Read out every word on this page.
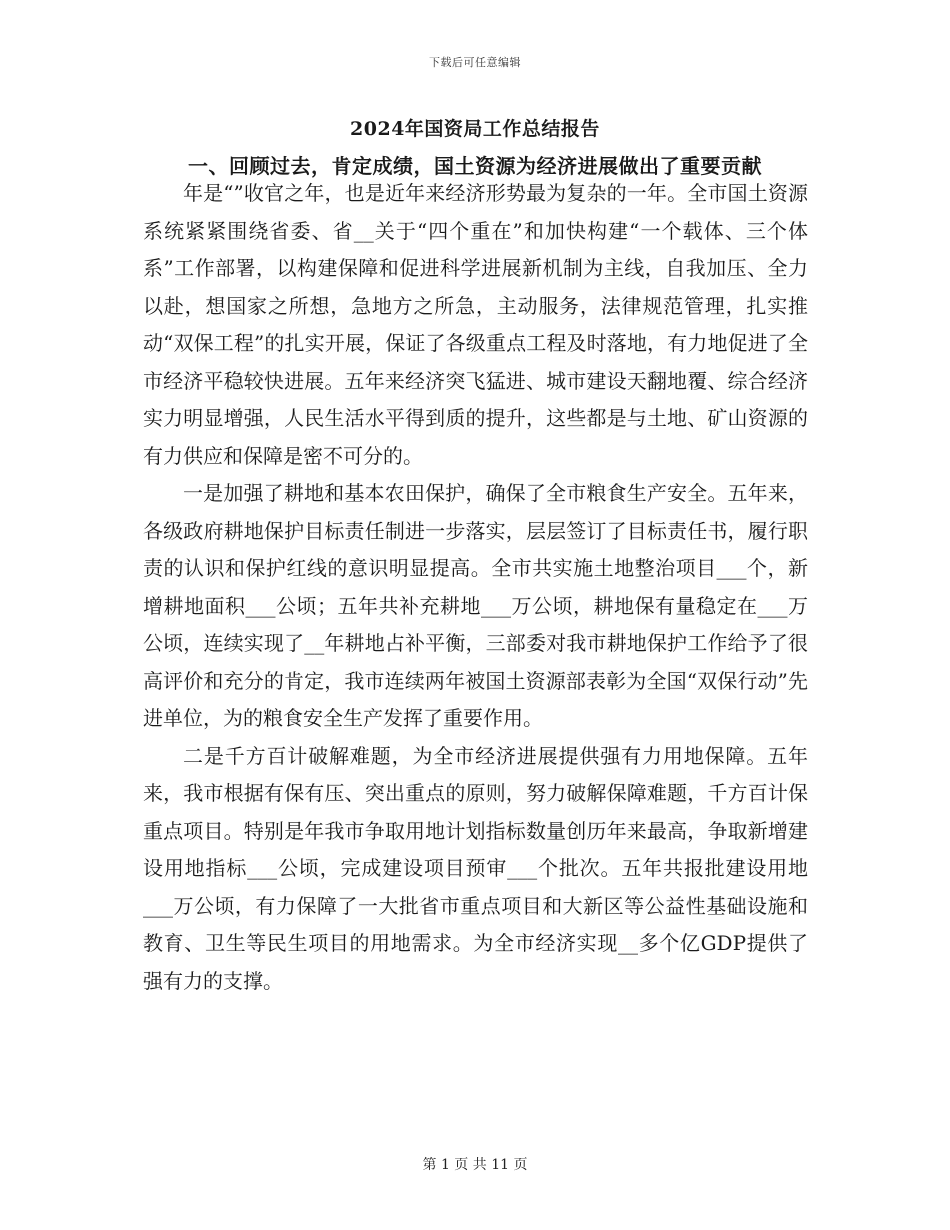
下载后可任意编辑
2024年国资局工作总结报告
一、回顾过去，肯定成绩，国土资源为经济进展做出了重要贡献

年是“”收官之年，也是近年来经济形势最为复杂的一年。全市国土资源系统紧紧围绕省委、省__关于“四个重在”和加快构建“一个载体、三个体系”工作部署，以构建保障和促进科学进展新机制为主线，自我加压、全力以赴，想国家之所想，急地方之所急，主动服务，法律规范管理，扎实推动“双保工程”的扎实开展，保证了各级重点工程及时落地，有力地促进了全市经济平稳较快进展。五年来经济突飞猛进、城市建设天翻地覆、综合经济实力明显增强，人民生活水平得到质的提升，这些都是与土地、矿山资源的有力供应和保障是密不可分的。

一是加强了耕地和基本农田保护，确保了全市粮食生产安全。五年来，各级政府耕地保护目标责任制进一步落实，层层签订了目标责任书，履行职责的认识和保护红线的意识明显提高。全市共实施土地整治项目___个，新增耕地面积___公顷；五年共补充耕地___万公顷，耕地保有量稳定在___万公顷，连续实现了__年耕地占补平衡，三部委对我市耕地保护工作给予了很高评价和充分的肯定，我市连续两年被国土资源部表彰为全国“双保行动”先进单位，为的粮食安全生产发挥了重要作用。

二是千方百计破解难题，为全市经济进展提供强有力用地保障。五年来，我市根据有保有压、突出重点的原则，努力破解保障难题，千方百计保重点项目。特别是年我市争取用地计划指标数量创历年来最高，争取新增建设用地指标___公顷，完成建设项目预审___个批次。五年共报批建设用地___万公顷，有力保障了一大批省市重点项目和大新区等公益性基础设施和教育、卫生等民生项目的用地需求。为全市经济实现__多个亿GDP提供了强有力的支撑。

第 1 页 共 11 页
